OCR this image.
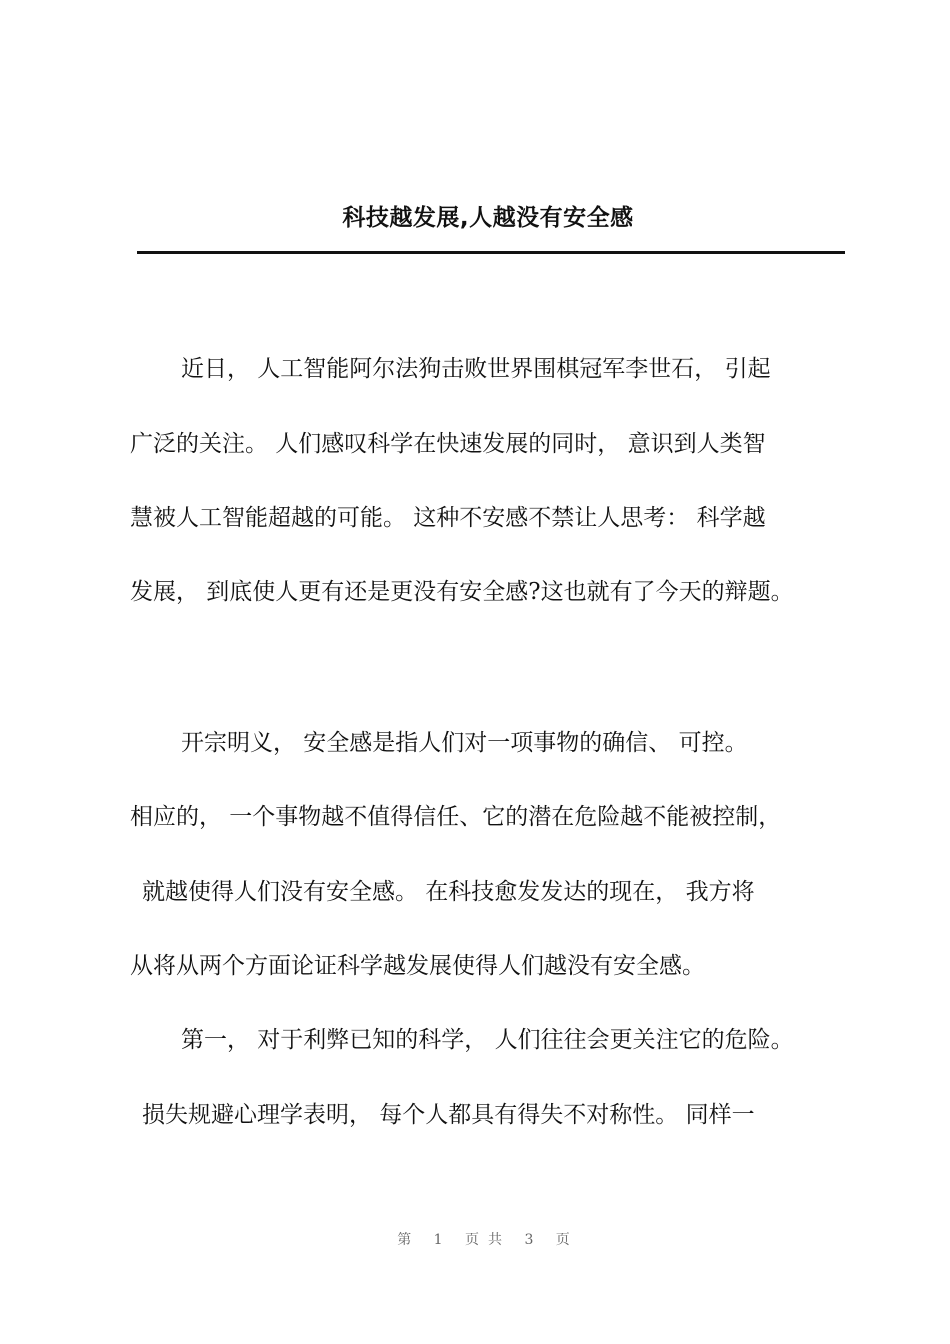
科技越发展,人越没有安全感
近日， 人工智能阿尔法狗击败世界围棋冠军李世石， 引起
广泛的关注。 人们感叹科学在快速发展的同时， 意识到人类智
慧被人工智能超越的可能。 这种不安感不禁让人思考： 科学越
发展， 到底使人更有还是更没有安全感?这也就有了今天的辩题。
开宗明义， 安全感是指人们对一项事物的确信、 可控。
相应的， 一个事物越不值得信任、它的潜在危险越不能被控制，
就越使得人们没有安全感。 在科技愈发发达的现在， 我方将
从将从两个方面论证科学越发展使得人们越没有安全感。
第一， 对于利弊已知的科学， 人们往往会更关注它的危险。
损失规避心理学表明， 每个人都具有得失不对称性。 同样一
第 1 页共 3 页
